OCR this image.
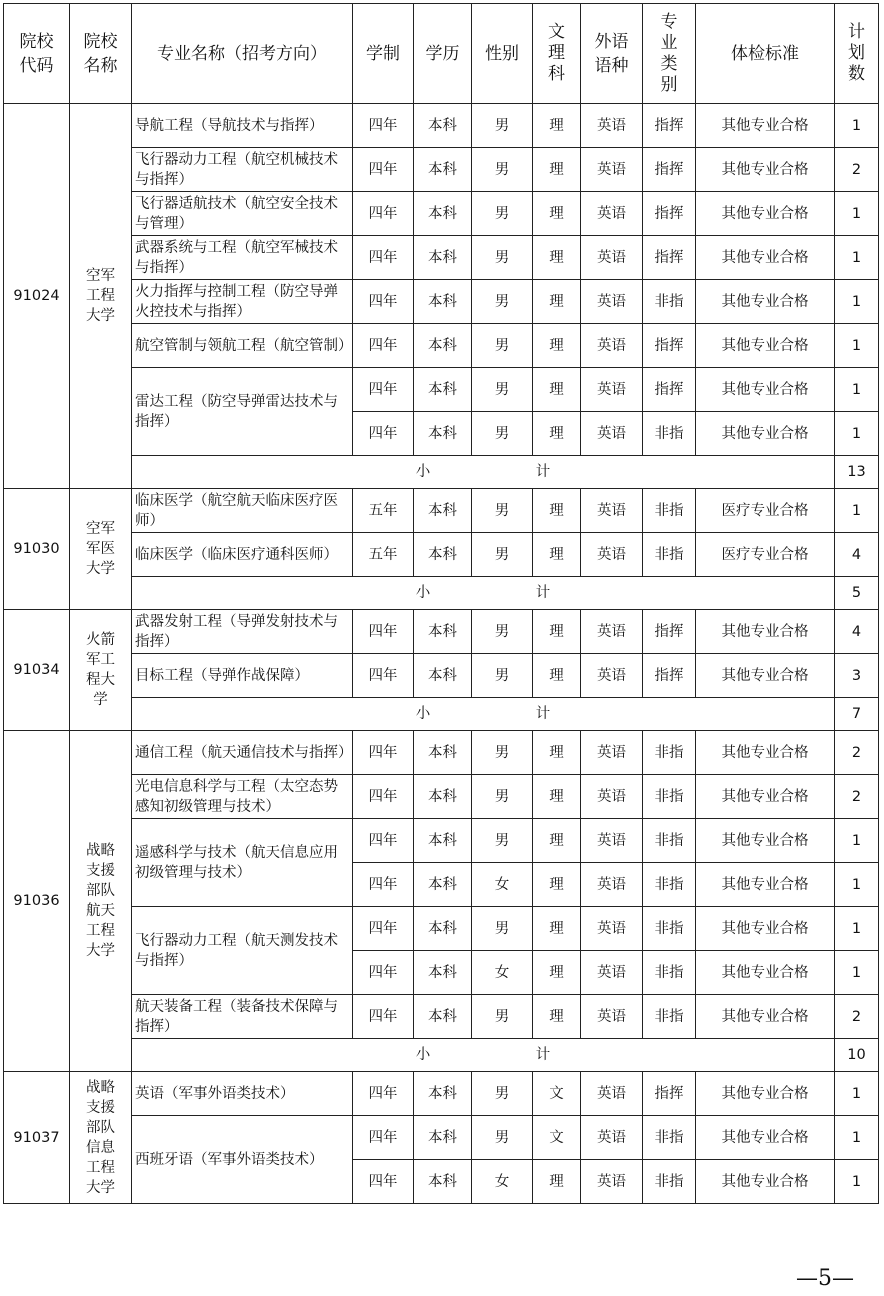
院校代码	院校名称	专业名称（招考方向）	学制	学历	性别	文理科	外语语种	专业类别	体检标准	计划数
91024	空军工程大学	导航工程（导航技术与指挥）	四年	本科	男	理	英语	指挥	其他专业合格	1
		飞行器动力工程（航空机械技术与指挥）	四年	本科	男	理	英语	指挥	其他专业合格	2
		飞行器适航技术（航空安全技术与管理）	四年	本科	男	理	英语	指挥	其他专业合格	1
		武器系统与工程（航空军械技术与指挥）	四年	本科	男	理	英语	指挥	其他专业合格	1
		火力指挥与控制工程（防空导弹火控技术与指挥）	四年	本科	男	理	英语	非指	其他专业合格	1
		航空管制与领航工程（航空管制）	四年	本科	男	理	英语	指挥	其他专业合格	1
		雷达工程（防空导弹雷达技术与指挥）	四年	本科	男	理	英语	指挥	其他专业合格	1
			四年	本科	男	理	英语	非指	其他专业合格	1
		小 计								13
91030	空军军医大学	临床医学（航空航天临床医疗医师）	五年	本科	男	理	英语	非指	医疗专业合格	1
		临床医学（临床医疗通科医师）	五年	本科	男	理	英语	非指	医疗专业合格	4
		小 计								5
91034	火箭军工程大学	武器发射工程（导弹发射技术与指挥）	四年	本科	男	理	英语	指挥	其他专业合格	4
		目标工程（导弹作战保障）	四年	本科	男	理	英语	指挥	其他专业合格	3
		小 计								7
91036	战略支援部队航天工程大学	通信工程（航天通信技术与指挥）	四年	本科	男	理	英语	非指	其他专业合格	2
		光电信息科学与工程（太空态势感知初级管理与技术）	四年	本科	男	理	英语	非指	其他专业合格	2
		遥感科学与技术（航天信息应用初级管理与技术）	四年	本科	男	理	英语	非指	其他专业合格	1
			四年	本科	女	理	英语	非指	其他专业合格	1
		飞行器动力工程（航天测发技术与指挥）	四年	本科	男	理	英语	非指	其他专业合格	1
			四年	本科	女	理	英语	非指	其他专业合格	1
		航天装备工程（装备技术保障与指挥）	四年	本科	男	理	英语	非指	其他专业合格	2
		小 计								10
91037	战略支援部队信息工程大学	英语（军事外语类技术）	四年	本科	男	文	英语	指挥	其他专业合格	1
		西班牙语（军事外语类技术）	四年	本科	男	文	英语	非指	其他专业合格	1
			四年	本科	女	理	英语	非指	其他专业合格	1
—5—
